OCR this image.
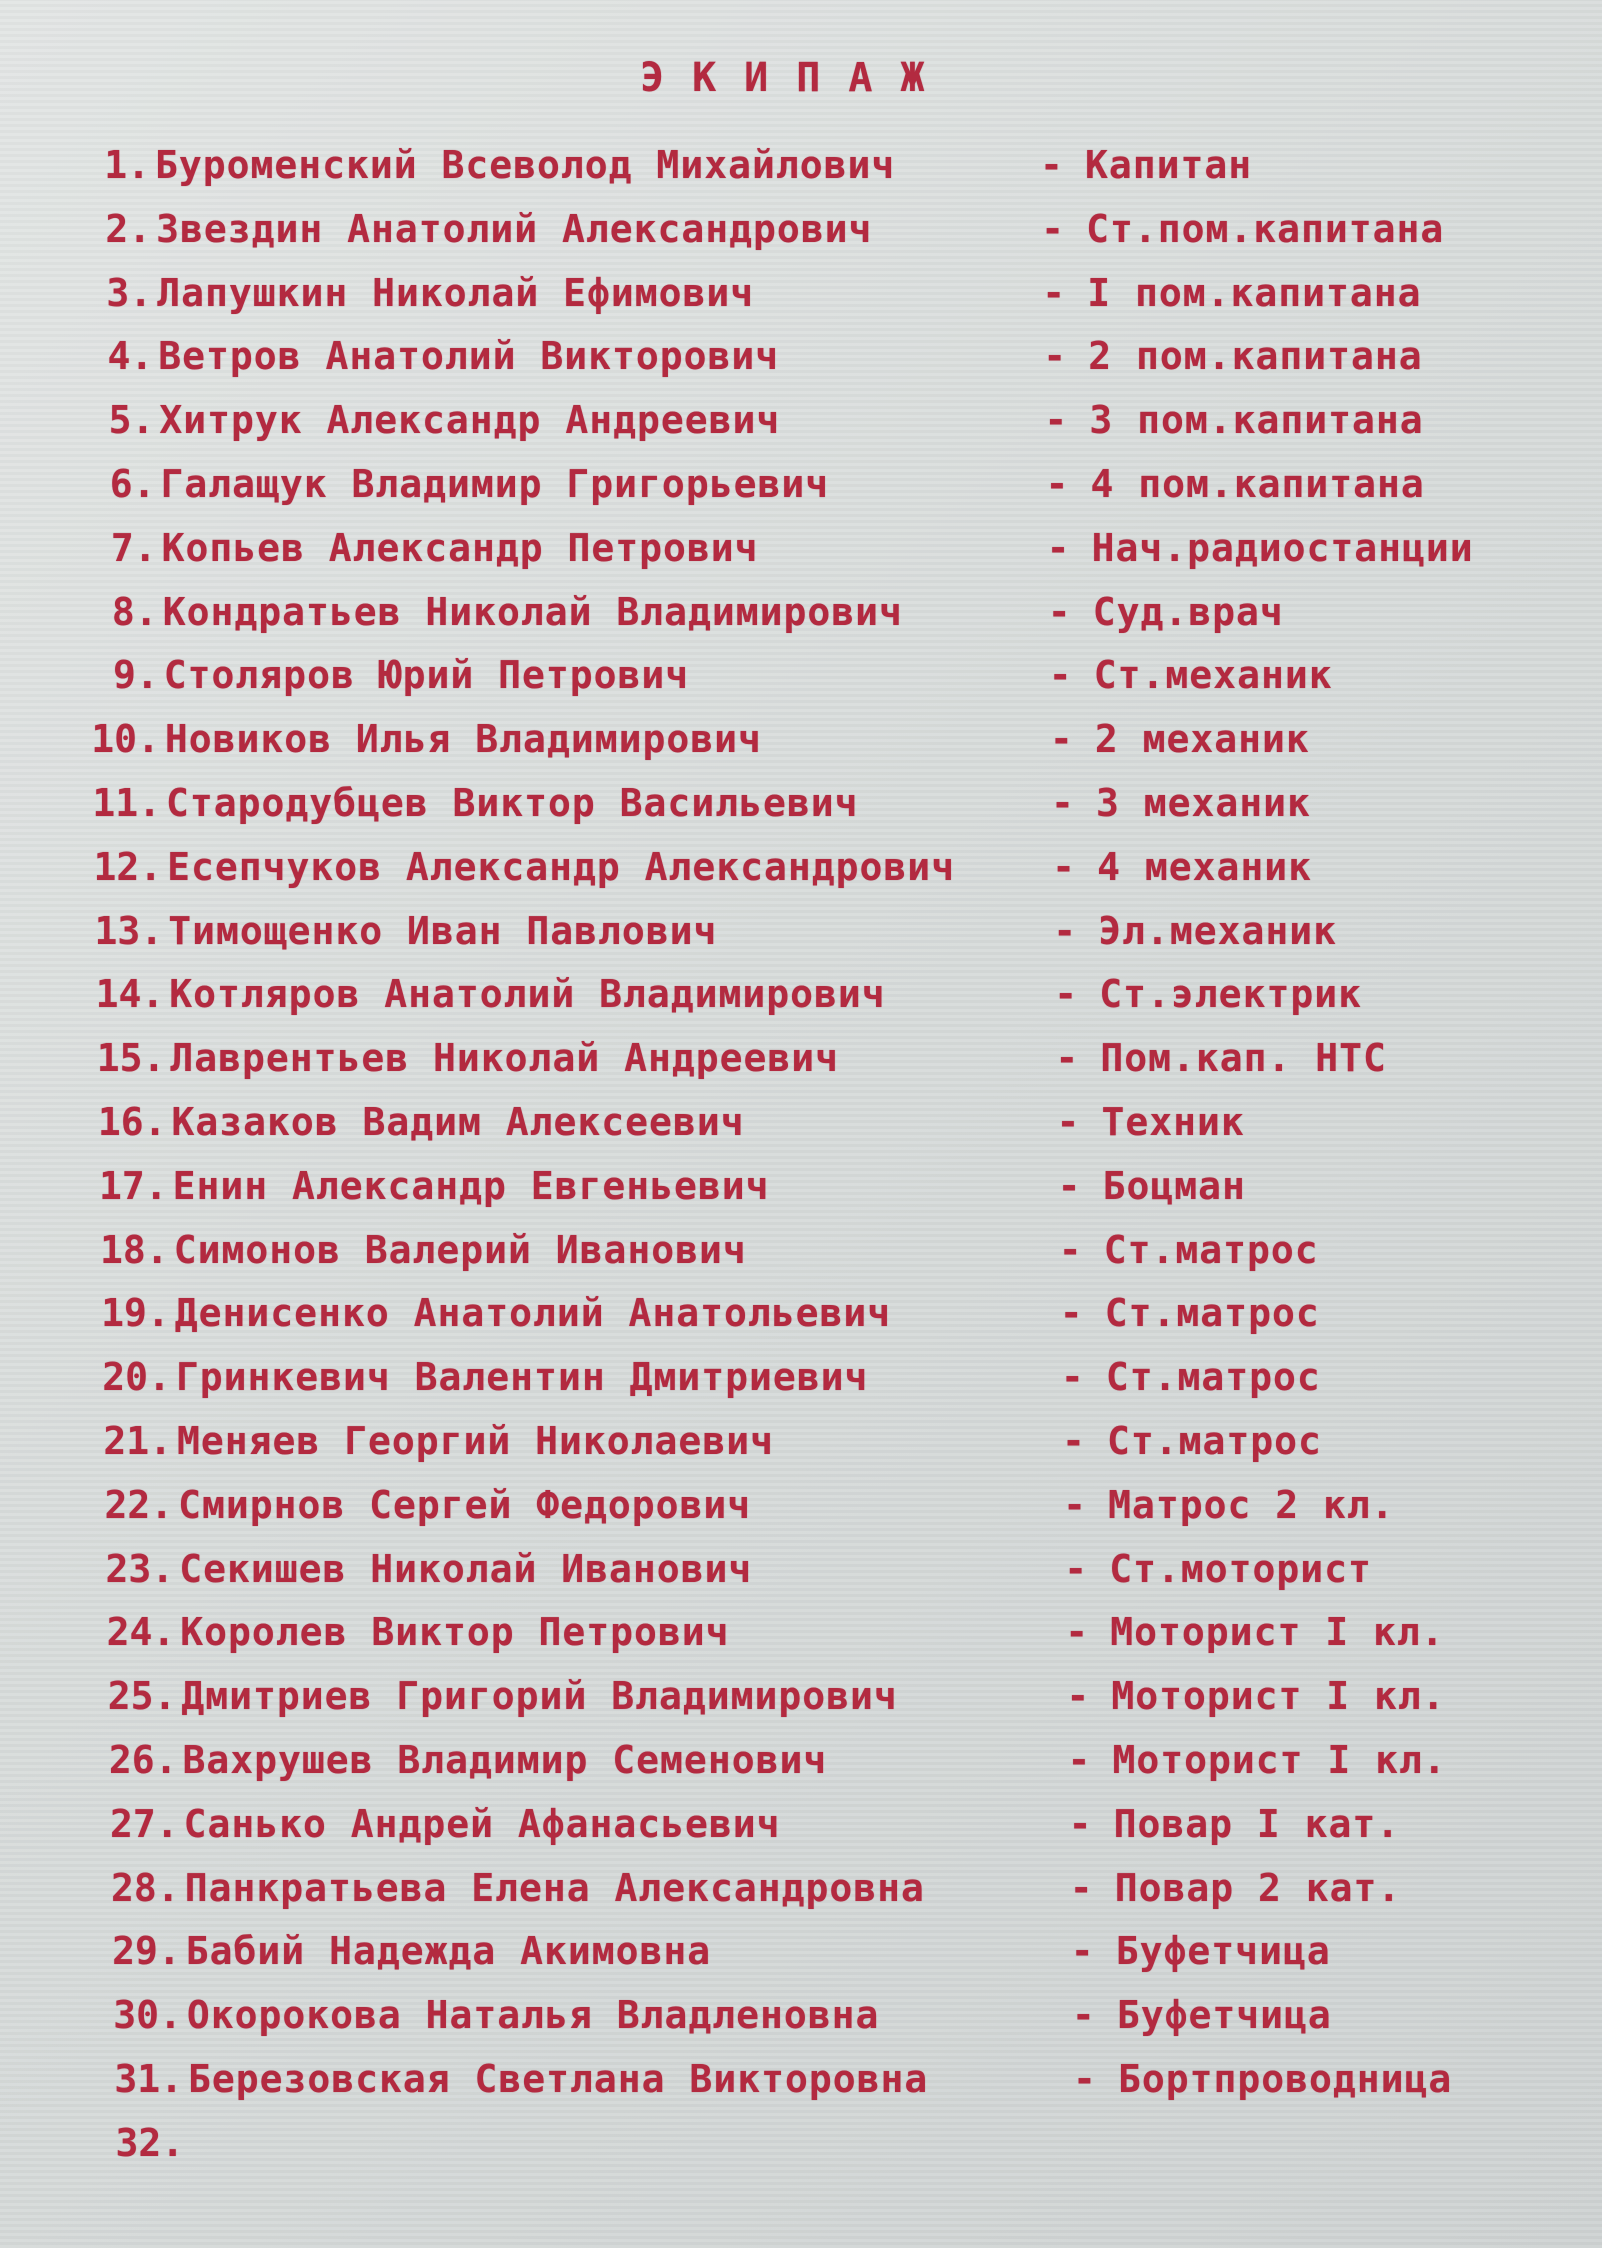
ЭКИПАЖ
1. Буроменский Всеволод Михайлович	- Капитан
2. Звездин Анатолий Александрович	- Ст.пом.капитана
3. Лапушкин Николай Ефимович	- I пом.капитана
4. Ветров Анатолий Викторович	- 2 пом.капитана
5. Хитрук Александр Андреевич	- 3 пом.капитана
6. Галащук Владимир Григорьевич	- 4 пом.капитана
7. Копьев Александр Петрович	- Нач.радиостанции
8. Кондратьев Николай Владимирович	- Суд.врач
9. Столяров Юрий Петрович	- Ст.механик
10. Новиков Илья Владимирович	- 2 механик
11. Стародубцев Виктор Васильевич	- 3 механик
12. Есепчуков Александр Александрович	- 4 механик
13. Тимощенко Иван Павлович	- Эл.механик
14. Котляров Анатолий Владимирович	- Ст.электрик
15. Лаврентьев Николай Андреевич	- Пом.кап. НТС
16. Казаков Вадим Алексеевич	- Техник
17. Енин Александр Евгеньевич	- Боцман
18. Симонов Валерий Иванович	- Ст.матрос
19. Денисенко Анатолий Анатольевич	- Ст.матрос
20. Гринкевич Валентин Дмитриевич	- Ст.матрос
21. Меняев Георгий Николаевич	- Ст.матрос
22. Смирнов Сергей Федорович	- Матрос 2 кл.
23. Секишев Николай Иванович	- Ст.моторист
24. Королев Виктор Петрович	- Моторист I кл.
25. Дмитриев Григорий Владимирович	- Моторист I кл.
26. Вахрушев Владимир Семенович	- Моторист I кл.
27. Санько Андрей Афанасьевич	- Повар I кат.
28. Панкратьева Елена Александровна	- Повар 2 кат.
29. Бабий Надежда Акимовна	- Буфетчица
30. Окорокова Наталья Владленовна	- Буфетчица
31. Березовская Светлана Викторовна	- Бортпроводница
32.
